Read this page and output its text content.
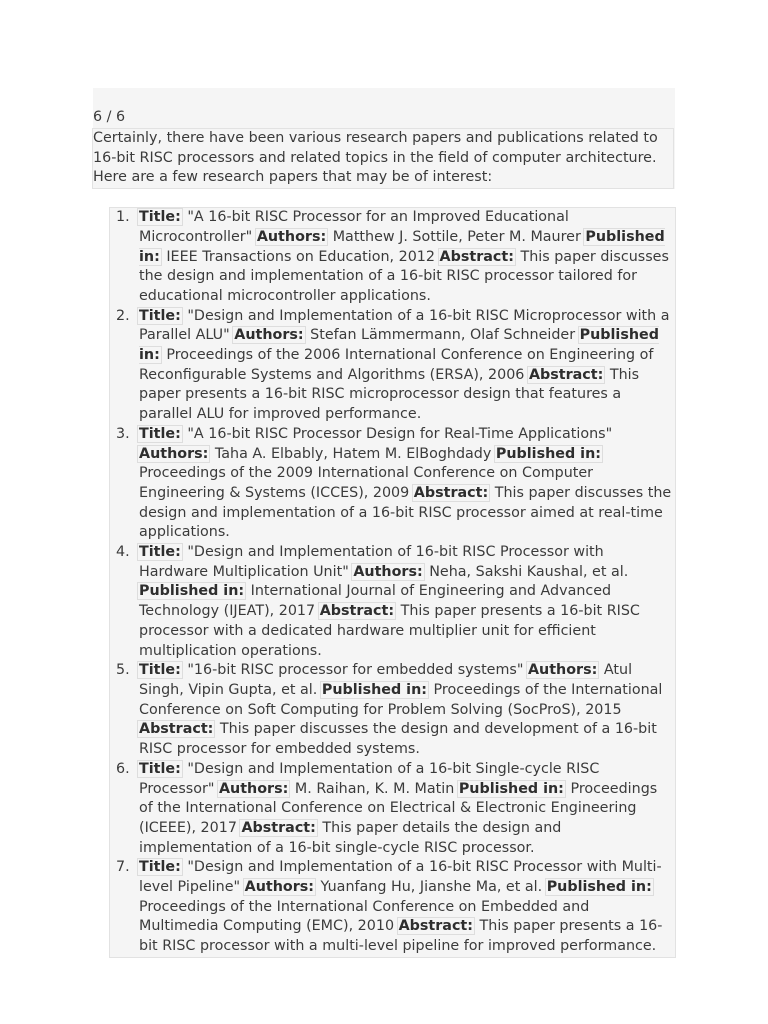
6 / 6
Certainly, there have been various research papers and publications related to 16-bit RISC processors and related topics in the field of computer architecture. Here are a few research papers that may be of interest:
1. Title: "A 16-bit RISC Processor for an Improved Educational Microcontroller" Authors: Matthew J. Sottile, Peter M. Maurer Published in: IEEE Transactions on Education, 2012 Abstract: This paper discusses the design and implementation of a 16-bit RISC processor tailored for educational microcontroller applications.
2. Title: "Design and Implementation of a 16-bit RISC Microprocessor with a Parallel ALU" Authors: Stefan Lämmermann, Olaf Schneider Published in: Proceedings of the 2006 International Conference on Engineering of Reconfigurable Systems and Algorithms (ERSA), 2006 Abstract: This paper presents a 16-bit RISC microprocessor design that features a parallel ALU for improved performance.
3. Title: "A 16-bit RISC Processor Design for Real-Time Applications" Authors: Taha A. Elbably, Hatem M. ElBoghdady Published in: Proceedings of the 2009 International Conference on Computer Engineering & Systems (ICCES), 2009 Abstract: This paper discusses the design and implementation of a 16-bit RISC processor aimed at real-time applications.
4. Title: "Design and Implementation of 16-bit RISC Processor with Hardware Multiplication Unit" Authors: Neha, Sakshi Kaushal, et al. Published in: International Journal of Engineering and Advanced Technology (IJEAT), 2017 Abstract: This paper presents a 16-bit RISC processor with a dedicated hardware multiplier unit for efficient multiplication operations.
5. Title: "16-bit RISC processor for embedded systems" Authors: Atul Singh, Vipin Gupta, et al. Published in: Proceedings of the International Conference on Soft Computing for Problem Solving (SocProS), 2015 Abstract: This paper discusses the design and development of a 16-bit RISC processor for embedded systems.
6. Title: "Design and Implementation of a 16-bit Single-cycle RISC Processor" Authors: M. Raihan, K. M. Matin Published in: Proceedings of the International Conference on Electrical & Electronic Engineering (ICEEE), 2017 Abstract: This paper details the design and implementation of a 16-bit single-cycle RISC processor.
7. Title: "Design and Implementation of a 16-bit RISC Processor with Multi-level Pipeline" Authors: Yuanfang Hu, Jianshe Ma, et al. Published in: Proceedings of the International Conference on Embedded and Multimedia Computing (EMC), 2010 Abstract: This paper presents a 16-bit RISC processor with a multi-level pipeline for improved performance.
